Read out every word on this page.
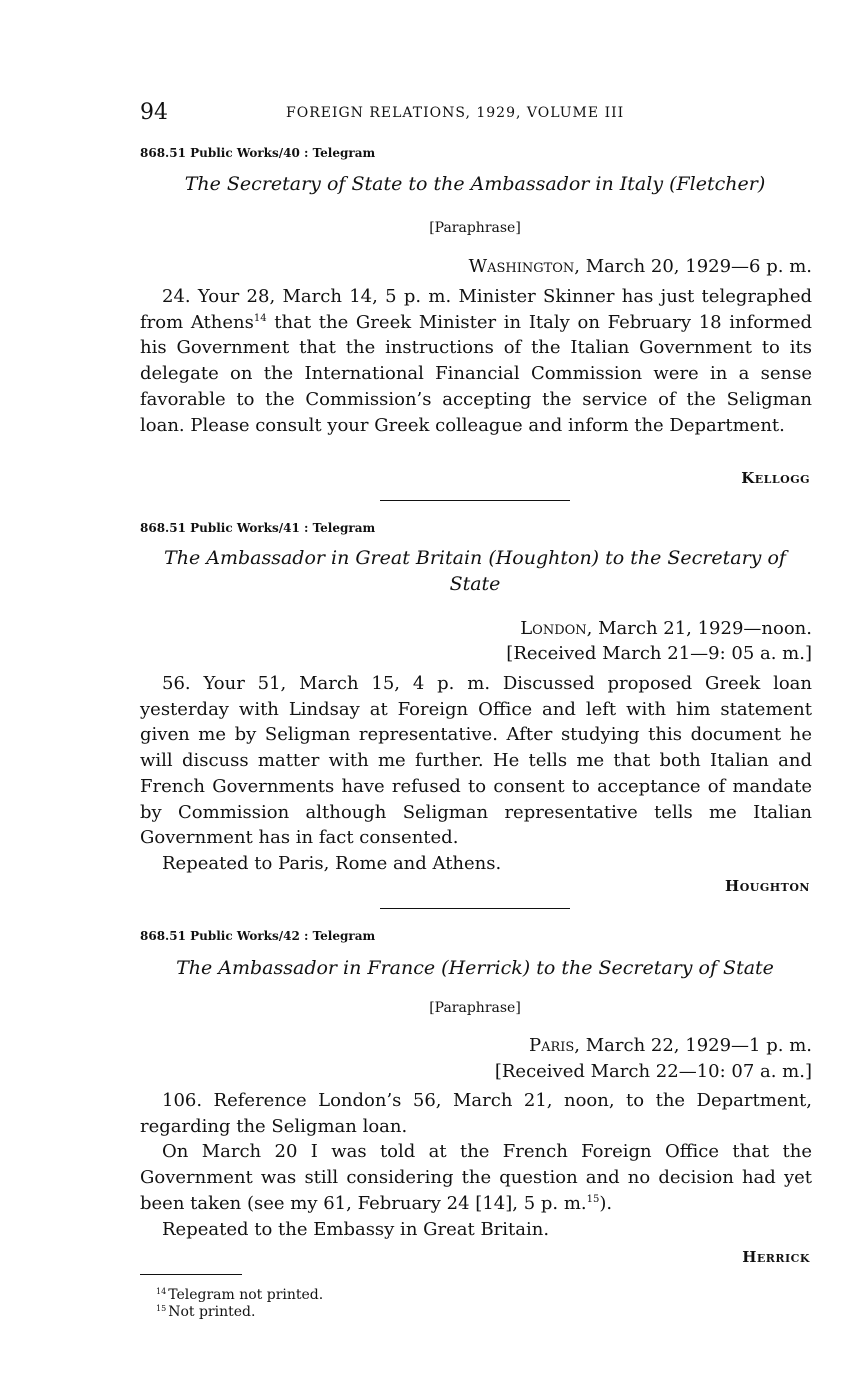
94	FOREIGN RELATIONS, 1929, VOLUME III
868.51 Public Works/40 : Telegram
The Secretary of State to the Ambassador in Italy (Fletcher)
[Paraphrase]
Washington, March 20, 1929—6 p. m.

24. Your 28, March 14, 5 p. m. Minister Skinner has just telegraphed from Athens$^{14}$ that the Greek Minister in Italy on February 18 informed his Government that the instructions of the Italian Government to its delegate on the International Financial Commission were in a sense favorable to the Commission’s accepting the service of the Seligman loan. Please consult your Greek colleague and inform the Department.

Kellogg
868.51 Public Works/41 : Telegram
The Ambassador in Great Britain (Houghton) to the Secretary of State
London, March 21, 1929—noon.
[Received March 21—9: 05 a. m.]

56. Your 51, March 15, 4 p. m. Discussed proposed Greek loan yesterday with Lindsay at Foreign Office and left with him statement given me by Seligman representative. After studying this document he will discuss matter with me further. He tells me that both Italian and French Governments have refused to consent to acceptance of mandate by Commission although Seligman representative tells me Italian Government has in fact consented.

Repeated to Paris, Rome and Athens.

Houghton
868.51 Public Works/42 : Telegram
The Ambassador in France (Herrick) to the Secretary of State
[Paraphrase]
Paris, March 22, 1929—1 p. m.
[Received March 22—10: 07 a. m.]

106. Reference London’s 56, March 21, noon, to the Department, regarding the Seligman loan.

On March 20 I was told at the French Foreign Office that the Government was still considering the question and no decision had yet been taken (see my 61, February 24 [14], 5 p. m.$^{15}$).

Repeated to the Embassy in Great Britain.

Herrick
$^{14}$ Telegram not printed.
$^{15}$ Not printed.
